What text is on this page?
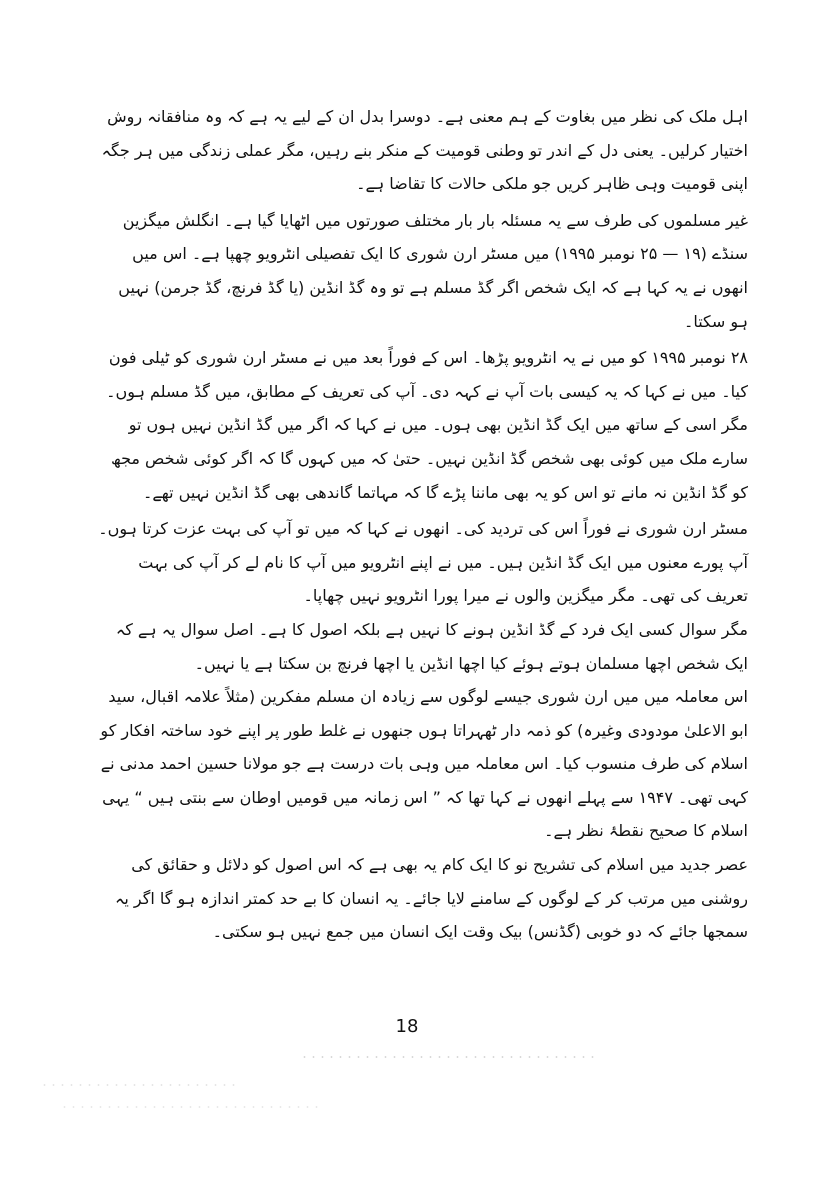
اہل ملک کی نظر میں بغاوت کے ہم معنی ہے۔ دوسرا بدل ان کے لیے یہ ہے کہ وہ منافقانہ روش اختیار کرلیں۔ یعنی دل کے اندر تو وطنی قومیت کے منکر بنے رہیں، مگر عملی زندگی میں ہر جگہ اپنی قومیت وہی ظاہر کریں جو ملکی حالات کا تقاضا ہے۔

غیر مسلموں کی طرف سے یہ مسئلہ بار بار مختلف صورتوں میں اٹھایا گیا ہے۔ انگلش میگزین سنڈے (۱۹ — ۲۵ نومبر ۱۹۹۵) میں مسٹر ارن شوری کا ایک تفصیلی انٹرویو چھپا ہے۔ اس میں انھوں نے یہ کہا ہے کہ ایک شخص اگر گڈ مسلم ہے تو وہ گڈ انڈین (یا گڈ فرنچ، گڈ جرمن) نہیں ہو سکتا۔

۲۸ نومبر ۱۹۹۵ کو میں نے یہ انٹرویو پڑھا۔ اس کے فوراً بعد میں نے مسٹر ارن شوری کو ٹیلی فون کیا۔ میں نے کہا کہ یہ کیسی بات آپ نے کہہ دی۔ آپ کی تعریف کے مطابق، میں گڈ مسلم ہوں۔ مگر اسی کے ساتھ میں ایک گڈ انڈین بھی ہوں۔ میں نے کہا کہ اگر میں گڈ انڈین نہیں ہوں تو سارے ملک میں کوئی بھی شخص گڈ انڈین نہیں۔ حتیٰ کہ میں کہوں گا کہ اگر کوئی شخص مجھ کو گڈ انڈین نہ مانے تو اس کو یہ بھی ماننا پڑے گا کہ مہاتما گاندھی بھی گڈ انڈین نہیں تھے۔

مسٹر ارن شوری نے فوراً اس کی تردید کی۔ انھوں نے کہا کہ میں تو آپ کی بہت عزت کرتا ہوں۔ آپ پورے معنوں میں ایک گڈ انڈین ہیں۔ میں نے اپنے انٹرویو میں آپ کا نام لے کر آپ کی بہت تعریف کی تھی۔ مگر میگزین والوں نے میرا پورا انٹرویو نہیں چھاپا۔

مگر سوال کسی ایک فرد کے گڈ انڈین ہونے کا نہیں ہے بلکہ اصول کا ہے۔ اصل سوال یہ ہے کہ ایک شخص اچھا مسلمان ہوتے ہوئے کیا اچھا انڈین یا اچھا فرنچ بن سکتا ہے یا نہیں۔

اس معاملہ میں میں ارن شوری جیسے لوگوں سے زیادہ ان مسلم مفکرین (مثلاً علامہ اقبال، سید ابو الاعلیٰ مودودی وغیرہ) کو ذمہ دار ٹھہراتا ہوں جنھوں نے غلط طور پر اپنے خود ساختہ افکار کو اسلام کی طرف منسوب کیا۔ اس معاملہ میں وہی بات درست ہے جو مولانا حسین احمد مدنی نے کہی تھی۔ ۱۹۴۷ سے پہلے انھوں نے کہا تھا کہ ” اس زمانہ میں قومیں اوطان سے بنتی ہیں “ یہی اسلام کا صحیح نقطۂ نظر ہے۔

عصر جدید میں اسلام کی تشریح نو کا ایک کام یہ بھی ہے کہ اس اصول کو دلائل و حقائق کی روشنی میں مرتب کر کے لوگوں کے سامنے لایا جائے۔ یہ انسان کا بے حد کمتر اندازہ ہو گا اگر یہ سمجھا جائے کہ دو خوبی (گڈنس) بیک وقت ایک انسان میں جمع نہیں ہو سکتی۔

18
